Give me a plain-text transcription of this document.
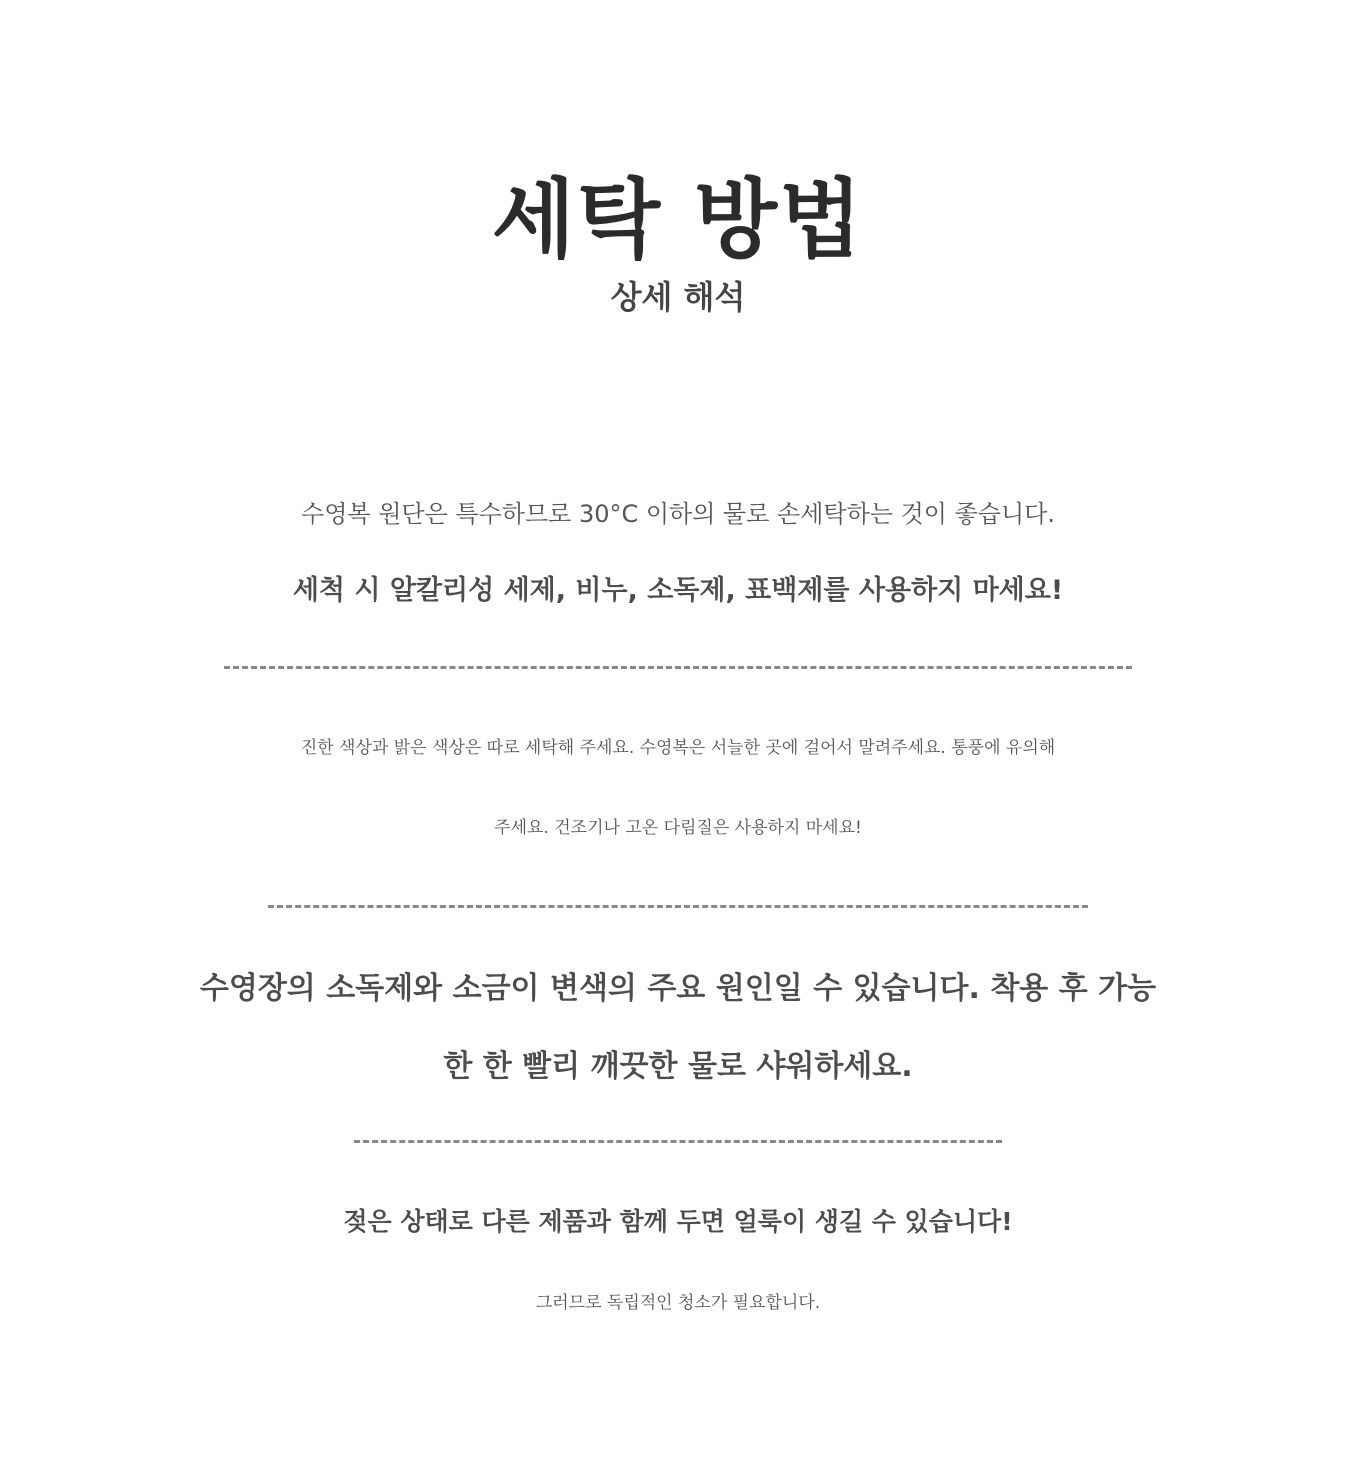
세탁 방법
상세 해석

수영복 원단은 특수하므로 30°C 이하의 물로 손세탁하는 것이 좋습니다.

세척 시 알칼리성 세제, 비누, 소독제, 표백제를 사용하지 마세요!

진한 색상과 밝은 색상은 따로 세탁해 주세요. 수영복은 서늘한 곳에 걸어서 말려주세요. 통풍에 유의해

주세요. 건조기나 고온 다림질은 사용하지 마세요!

수영장의 소독제와 소금이 변색의 주요 원인일 수 있습니다. 착용 후 가능

한 한 빨리 깨끗한 물로 샤워하세요.

젖은 상태로 다른 제품과 함께 두면 얼룩이 생길 수 있습니다!

그러므로 독립적인 청소가 필요합니다.
